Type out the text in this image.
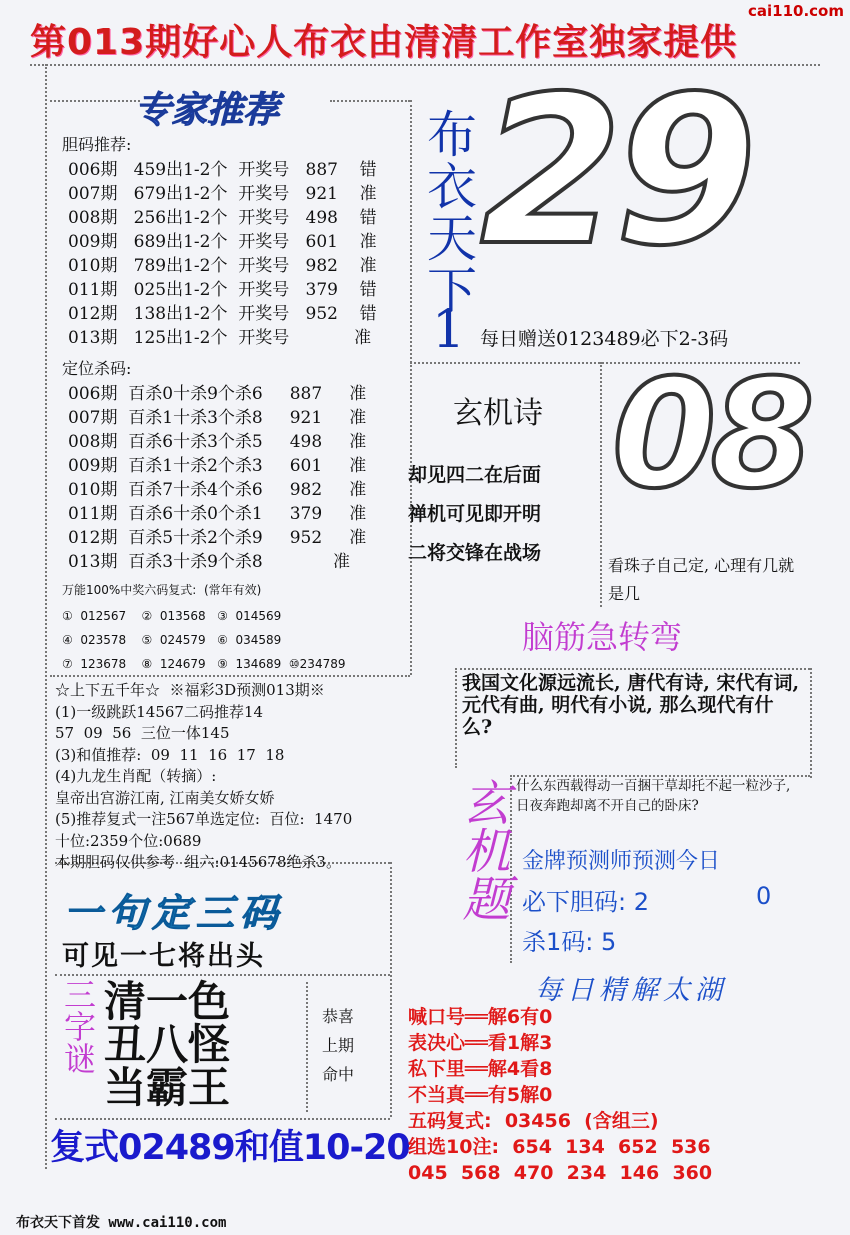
第013期好心人布衣由清清工作室独家提供
cai110.com
专家推荐
胆码推荐:
006期   459出1-2个  开奖号   887    错
007期   679出1-2个  开奖号   921    准
008期   256出1-2个  开奖号   498    错
009期   689出1-2个  开奖号   601    准
010期   789出1-2个  开奖号   982    准
011期   025出1-2个  开奖号   379    错
012期   138出1-2个  开奖号   952    错
013期   125出1-2个  开奖号            准
定位杀码:
006期  百杀0十杀9个杀6     887     准
007期  百杀1十杀3个杀8     921     准
008期  百杀6十杀3个杀5     498     准
009期  百杀1十杀2个杀3     601     准
010期  百杀7十杀4个杀6     982     准
011期  百杀6十杀0个杀1     379     准
012期  百杀5十杀2个杀9     952     准
013期  百杀3十杀9个杀8             准
万能100%中奖六码复式:  (常年有效)
①  012567    ②  013568   ③  014569
④  023578    ⑤  024579   ⑥  034589
⑦  123678    ⑧  124679   ⑨  134689  ⑩234789
☆上下五千年☆  ※福彩3D预测013期※
(1)一级跳跃14567二码推荐14
57  09  56  三位一体145
(3)和值推荐:  09  11  16  17  18
(4)九龙生肖配（转摘）:
皇帝出宫游江南, 江南美女娇女娇
(5)推荐复式一注567单选定位:  百位:  1470
十位:2359个位:0689
本期胆码仅供参考  组六:0145678绝杀3。
布衣天下
1
29
每日赠送0123489必下2-3码
玄机诗
却见四二在后面
禅机可见即开明
二将交锋在战场
08
看珠子自己定, 心理有几就是几
脑筋急转弯
我国文化源远流长, 唐代有诗, 宋代有词, 元代有曲, 明代有小说, 那么现代有什么?
玄机题 什么东西载得动一百捆干草却托不起一粒沙子, 日夜奔跑却离不开自己的卧床?
金牌预测师预测今日
必下胆码: 2	0
杀1码: 5
一句定三码
可见一七将出头
三字谜 清一色
丑八怪
当霸王
恭喜
上期
命中
复式02489和值10-20
每日精解太湖
喊口号══解6有0
表决心══看1解3
私下里══解4看8
不当真══有5解0
五码复式:  03456  (含组三)
组选10注:  654  134  652  536
045  568  470  234  146  360
布衣天下首发 www.cai110.com
